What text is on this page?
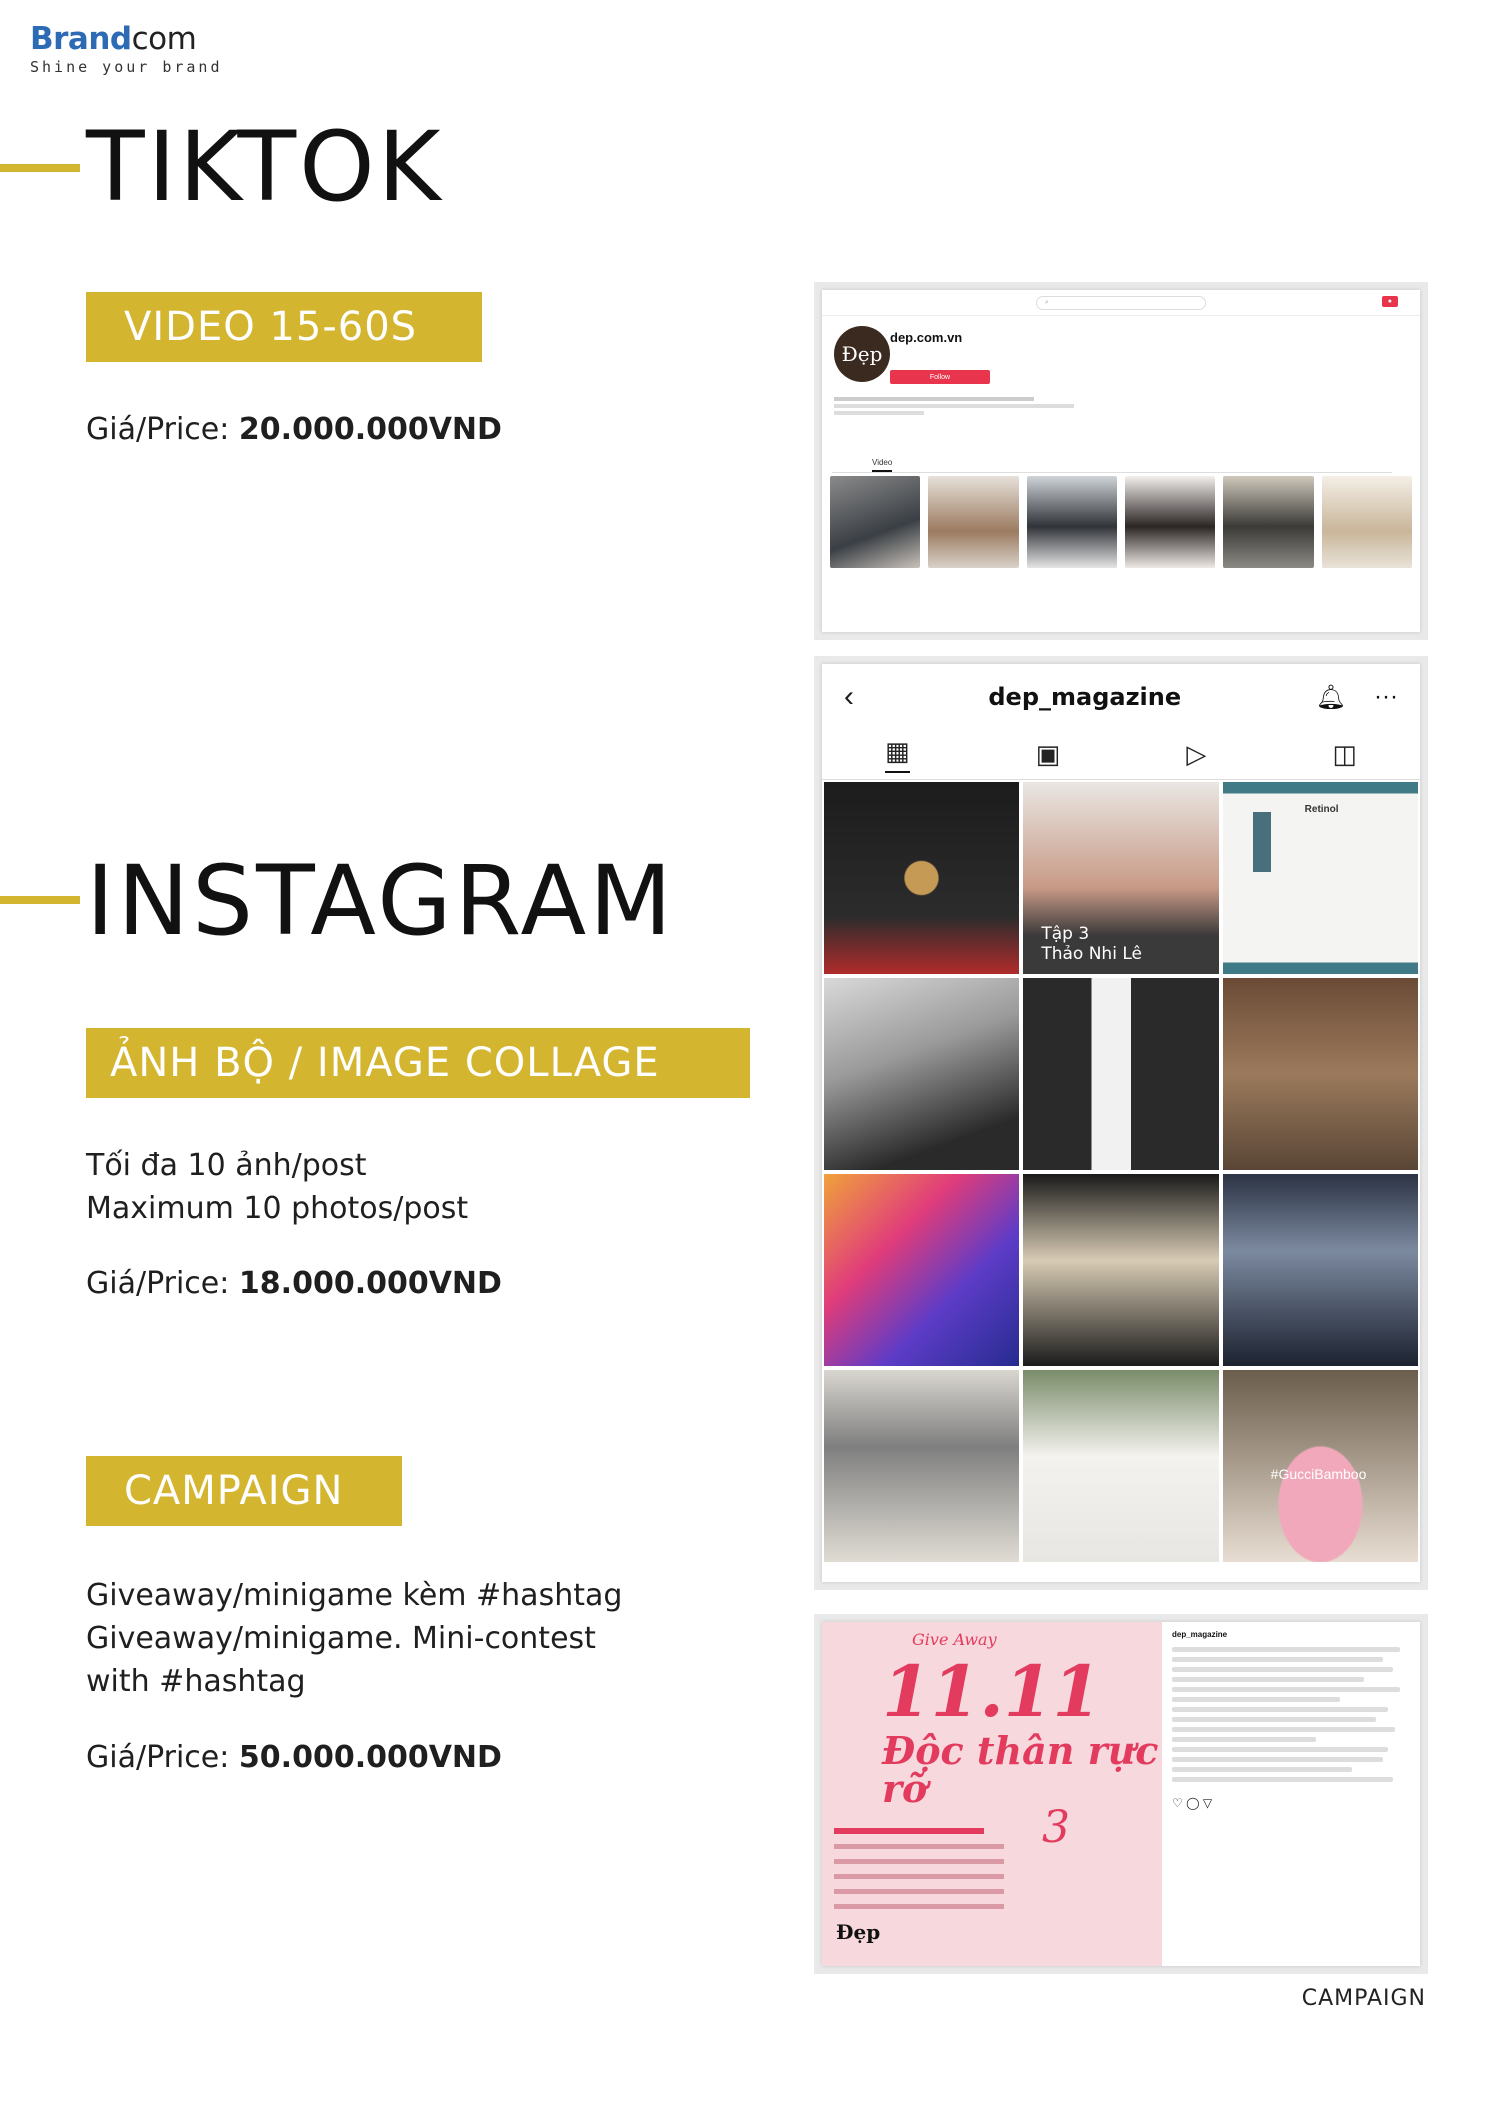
Brandcom
Shine your brand
TIKTOK
VIDEO 15-60S
Giá/Price: 20.000.000VND
⌕	●
Đẹp
dep.com.vn
Follow
Video
INSTAGRAM
ẢNH BỘ / IMAGE COLLAGE
Tối đa 10 ảnh/post
Maximum 10 photos/post
Giá/Price: 18.000.000VND
‹	dep_magazine	🔔︎ ···
▦	▣	▷	◫
Tập 3
Thảo Nhi Lê
Retinol
#GucciBamboo
CAMPAIGN
Giveaway/minigame kèm #hashtag
Giveaway/minigame. Mini-contest
with #hashtag
Giá/Price: 50.000.000VND
Give Away
11.11
Độc thân rực rỡ
3
Đẹp
dep_magazine
♡ ◯ ▽
CAMPAIGN
